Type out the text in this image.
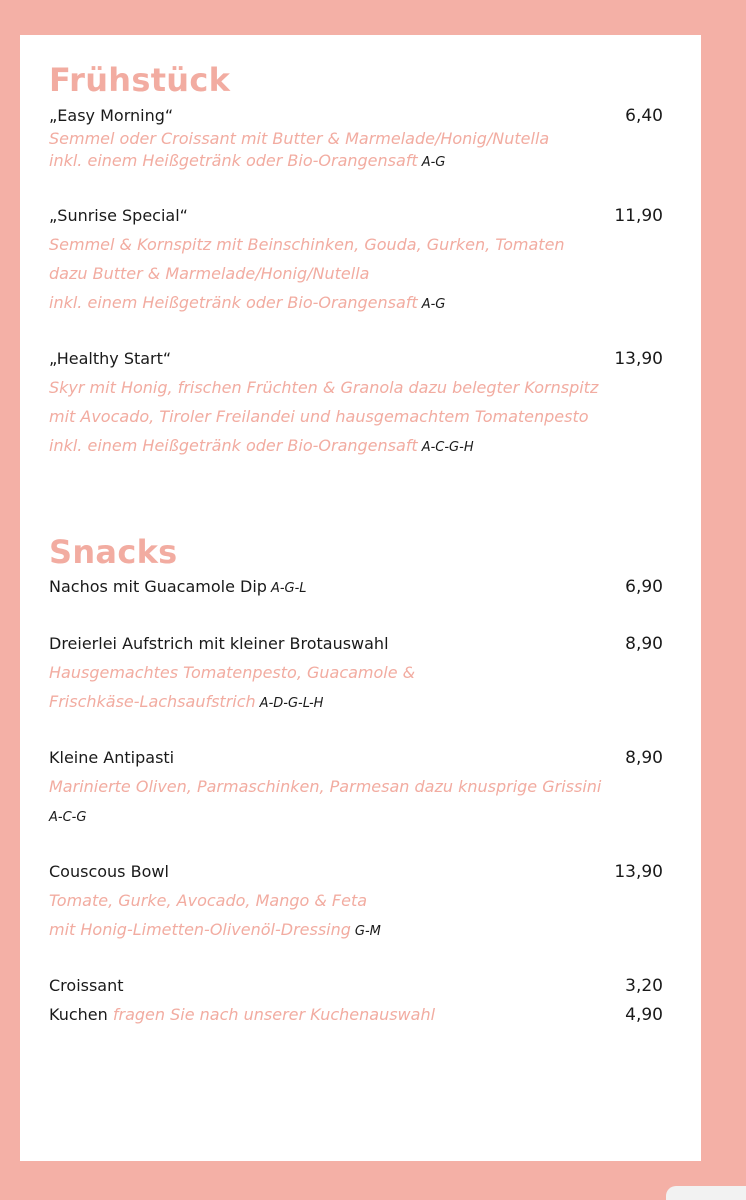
Frühstück
„Easy Morning“	6,40
Semmel oder Croissant mit Butter & Marmelade/Honig/Nutella
inkl. einem Heißgetränk oder Bio-Orangensaft A-G
„Sunrise Special“	11,90
Semmel & Kornspitz mit Beinschinken, Gouda, Gurken, Tomaten
dazu Butter & Marmelade/Honig/Nutella
inkl. einem Heißgetränk oder Bio-Orangensaft A-G
„Healthy Start“	13,90
Skyr mit Honig, frischen Früchten & Granola dazu belegter Kornspitz
mit Avocado, Tiroler Freilandei und hausgemachtem Tomatenpesto
inkl. einem Heißgetränk oder Bio-Orangensaft A-C-G-H
Snacks
Nachos mit Guacamole Dip A-G-L	6,90
Dreierlei Aufstrich mit kleiner Brotauswahl	8,90
Hausgemachtes Tomatenpesto, Guacamole &
Frischkäse-Lachsaufstrich A-D-G-L-H
Kleine Antipasti	8,90
Marinierte Oliven, Parmaschinken, Parmesan dazu knusprige Grissini
A-C-G
Couscous Bowl	13,90
Tomate, Gurke, Avocado, Mango & Feta
mit Honig-Limetten-Olivenöl-Dressing G-M
Croissant	3,20
Kuchen fragen Sie nach unserer Kuchenauswahl	4,90
